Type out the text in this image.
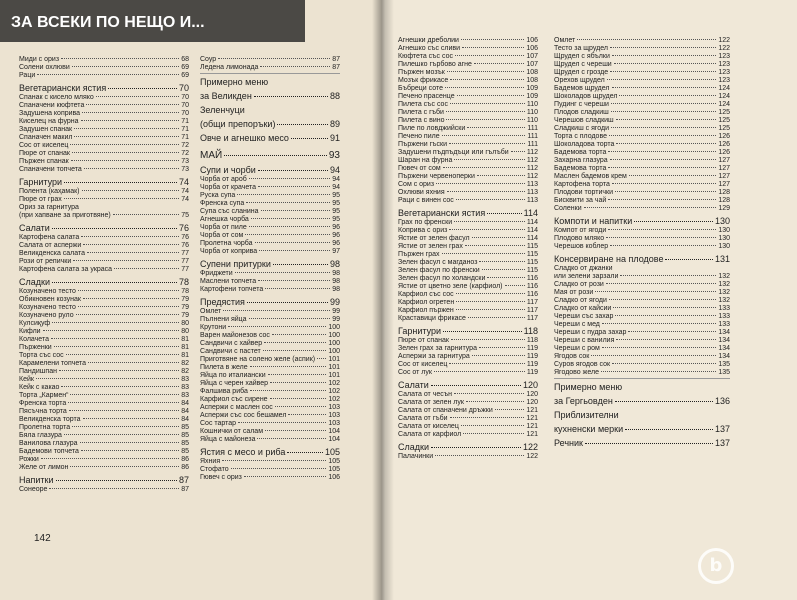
Миди с ориз	68
Солени охлюви	69
Раци	69
Вегетариански ястия	70
Спанак с кисело мляко	70
Спаначени кюфтета	70
Задушена коприва	70
Киселец на фурна	71
Задушен спанак	71
Спаначен макил	71
Сос от киселец	72
Пюре от спанак	72
Пържен спанак	73
Спаначени топчета	73
Гарнитури	74
Полента (каҳамак)	74
Пюре от грах	74
Ориз за гарнитура
(при хапване за приготвяне)	75
Салати	76
Картофена салата	76
Салата от аспержи	76
Великденска салата	77
Рози от репички	77
Картофена салата за украса	77
Сладки	78
Козуначено тесто	78
Обикновен козунак	79
Козуначено тесто	79
Козуначено руло	79
Кулсиқуф	80
Кифли	80
Колачета	81
Пърженки	81
Торта със сос	81
Карамелени топчета	82
Пандишпан	82
Кейк	83
Кейк с какао	83
Торта „Кармен“	83
Френска торта	84
Пясъчна торта	84
Великденска торта	84
Пролетна торта	85
Бяла глазура	85
Ванилова глазура	85
Бадемови топчета	85
Рожки	86
Желе от лимон	86
Напитки	87
Сонеоре	87
Соур	87
Ледена лимонада	87
Примерно меню
за Великден	88
Зеленчуци
(общи препоръки)	89
Овче и агнешко месо	91
МАЙ	93
Супи и чорби	94
Чорба от ароб	94
Чорба от крачета	94
Руска супа	95
Френска супа	95
Супа със сланина	95
Агнешка чорба	95
Чорба от пиле	96
Чорба от сом	96
Пролетна чорба	96
Чорба от коприва	97
Супени притурки	98
Фриджети	98
Маслени топчета	98
Картофени топчета	98
Предястия	99
Омлет	99
Пълнени яйца	99
Крутони	100
Варен майонезов сос	100
Сандвичи с хайвер	100
Сандвичи с пастет	100
Приготвяне на солено желе (аспик) 101
Пилета в желе	101
Яйца по италиански	101
Яйца с черен хайвер	102
Фалшива риба	102
Карфиол със сирене	102
Аспержи с маслен сос	103
Аспержи със сос бешамел	103
Сос тартар	103
Кошнички от салам	104
Яйца с майонеза	104
Ястия с месо и риба	105
Яхния	105
Стофато	105
Гювеч с ориз	106
Агнешки дреболии	106
Агнешко със сливи	106
Кюфтета със сос	107
Пилешко гърбово агне	107
Пържен мозък	108
Мозък фрикасе	108
Бъбреци соте	109
Печено прасенце	109
Пилета със сос	110
Пилета с гъби	110
Пилета с вино	110
Пиле по ловджийски	111
Печено пиле	111
Пържени гъски	111
Задушени пъдпъдъци или гълъби	112
Шаран на фурна	112
Гювеч от сом	112
Пържени червеноперки	112
Сом с ориз	113
Охлюви яхния	113
Раци с винен сос	113
Вегетариански ястия	114
Грах по френски	114
Коприва с ориз	114
Ястие от зелен фасул	114
Ястие от зелен грах	115
Пържен грах	115
Зелен фасул с магданоз	115
Зелен фасул по френски	115
Зелен фасул по холандски	116
Ястие от цветно зеле (карфиол)	116
Карфиол със сос	116
Карфиол огретен	117
Карфиол пържен	117
Краставици фрикасе	117
Гарнитури	118
Пюре от спанак	118
Зелен грах за гарнитура	119
Аспержи за гарнитура	119
Сос от киселец	119
Сос от лук	119
Салати	120
Салата от чесън	120
Салата от зелен лук	120
Салата от спаначени дръжки	121
Салата от гъби	121
Салата от киселец	121
Салата от карфиол	121
Сладки	122
Палачинки	122
Омлет	122
Тесто за щрудел	122
Щрудел с ябълки	123
Щрудел с череши	123
Щрудел с грозде	123
Орехов щрудел	123
Бадемов щрудел	124
Шоколадов щрудел	124
Пудинг с череши	124
Плодов сладкиш	125
Черешов сладкиш	125
Сладкиш с ягоди	125
Торта с плодове	126
Шоколадова торта	126
Бадемова торта	126
Захарна глазура	127
Бадемова торта	127
Маслен бадемов крем	127
Картофена торта	127
Плодови тортички	128
Бисквити за чай	128
Соленки	129
Компоти и напитки	130
Компот от ягоди	130
Плодово мляко	130
Черешов коблер	130
Консервиране на плодове	131
Сладко от джанки
или зелени зарзали	132
Сладко от рози	132
Мая от рози	132
Сладко от ягоди	132
Сладко от кайсии	133
Череши със захар	133
Череши с мед	133
Череши с пудра захар	134
Череши с ванилия	134
Череши с ром	134
Ягодов сок	134
Суров ягодов сок	135
Ягодово желе	135
Примерно меню
за Гергьовден	136
Приблизителни
кухненски мерки	137
Речник	137
142
ЗА ВСЕКИ ПО НЕЩО И...
b
